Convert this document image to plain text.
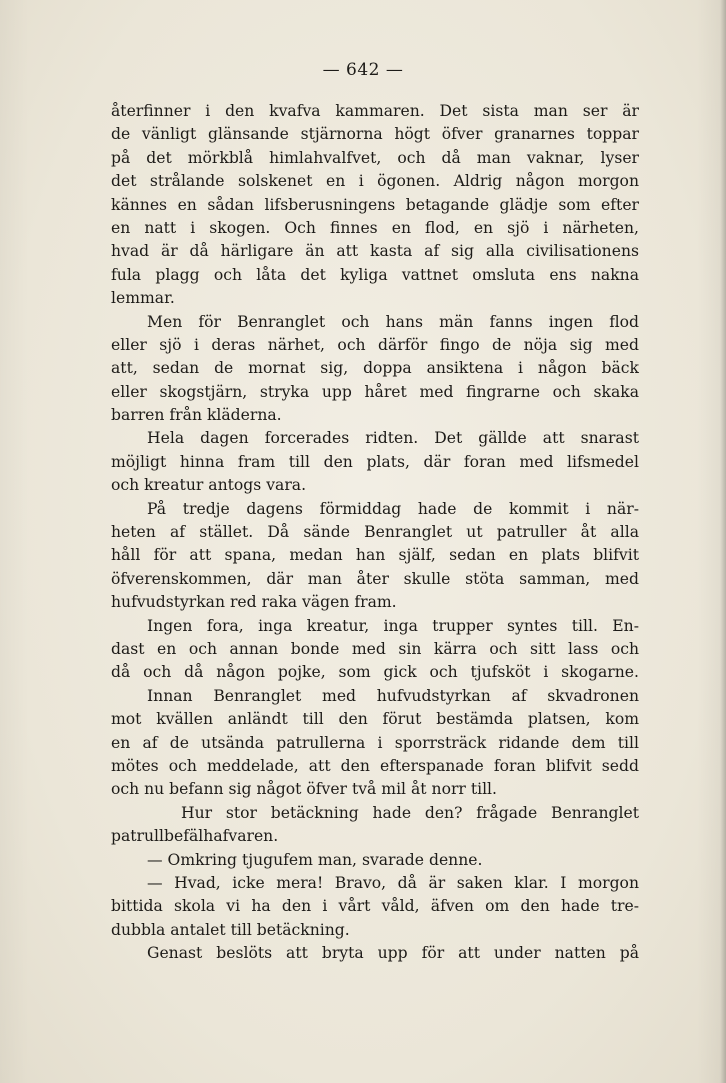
— 642 —
återfinner i den kvafva kammaren. Det sista man ser är
de vänligt glänsande stjärnorna högt öfver granarnes toppar
på det mörkblå himlahvalfvet, och då man vaknar, lyser
det strålande solskenet en i ögonen. Aldrig någon morgon
kännes en sådan lifsberusningens betagande glädje som efter
en natt i skogen. Och finnes en flod, en sjö i närheten,
hvad är då härligare än att kasta af sig alla civilisationens
fula plagg och låta det kyliga vattnet omsluta ens nakna
lemmar.
Men för Benranglet och hans män fanns ingen flod
eller sjö i deras närhet, och därför fingo de nöja sig med
att, sedan de mornat sig, doppa ansiktena i någon bäck
eller skogstjärn, stryka upp håret med fingrarne och skaka
barren från kläderna.
Hela dagen forcerades ridten. Det gällde att snarast
möjligt hinna fram till den plats, där foran med lifsmedel
och kreatur antogs vara.
På tredje dagens förmiddag hade de kommit i när-
heten af stället. Då sände Benranglet ut patruller åt alla
håll för att spana, medan han själf, sedan en plats blifvit
öfverenskommen, där man åter skulle stöta samman, med
hufvudstyrkan red raka vägen fram.
Ingen fora, inga kreatur, inga trupper syntes till. En-
dast en och annan bonde med sin kärra och sitt lass och
då och då någon pojke, som gick och tjufsköt i skogarne.
Innan Benranglet med hufvudstyrkan af skvadronen
mot kvällen anländt till den förut bestämda platsen, kom
en af de utsända patrullerna i sporrsträck ridande dem till
mötes och meddelade, att den efterspanade foran blifvit sedd
och nu befann sig något öfver två mil åt norr till.
Hur stor betäckning hade den? frågade Benranglet
patrullbefälhafvaren.
— Omkring tjugufem man, svarade denne.
— Hvad, icke mera! Bravo, då är saken klar. I morgon
bittida skola vi ha den i vårt våld, äfven om den hade tre-
dubbla antalet till betäckning.
Genast beslöts att bryta upp för att under natten på
